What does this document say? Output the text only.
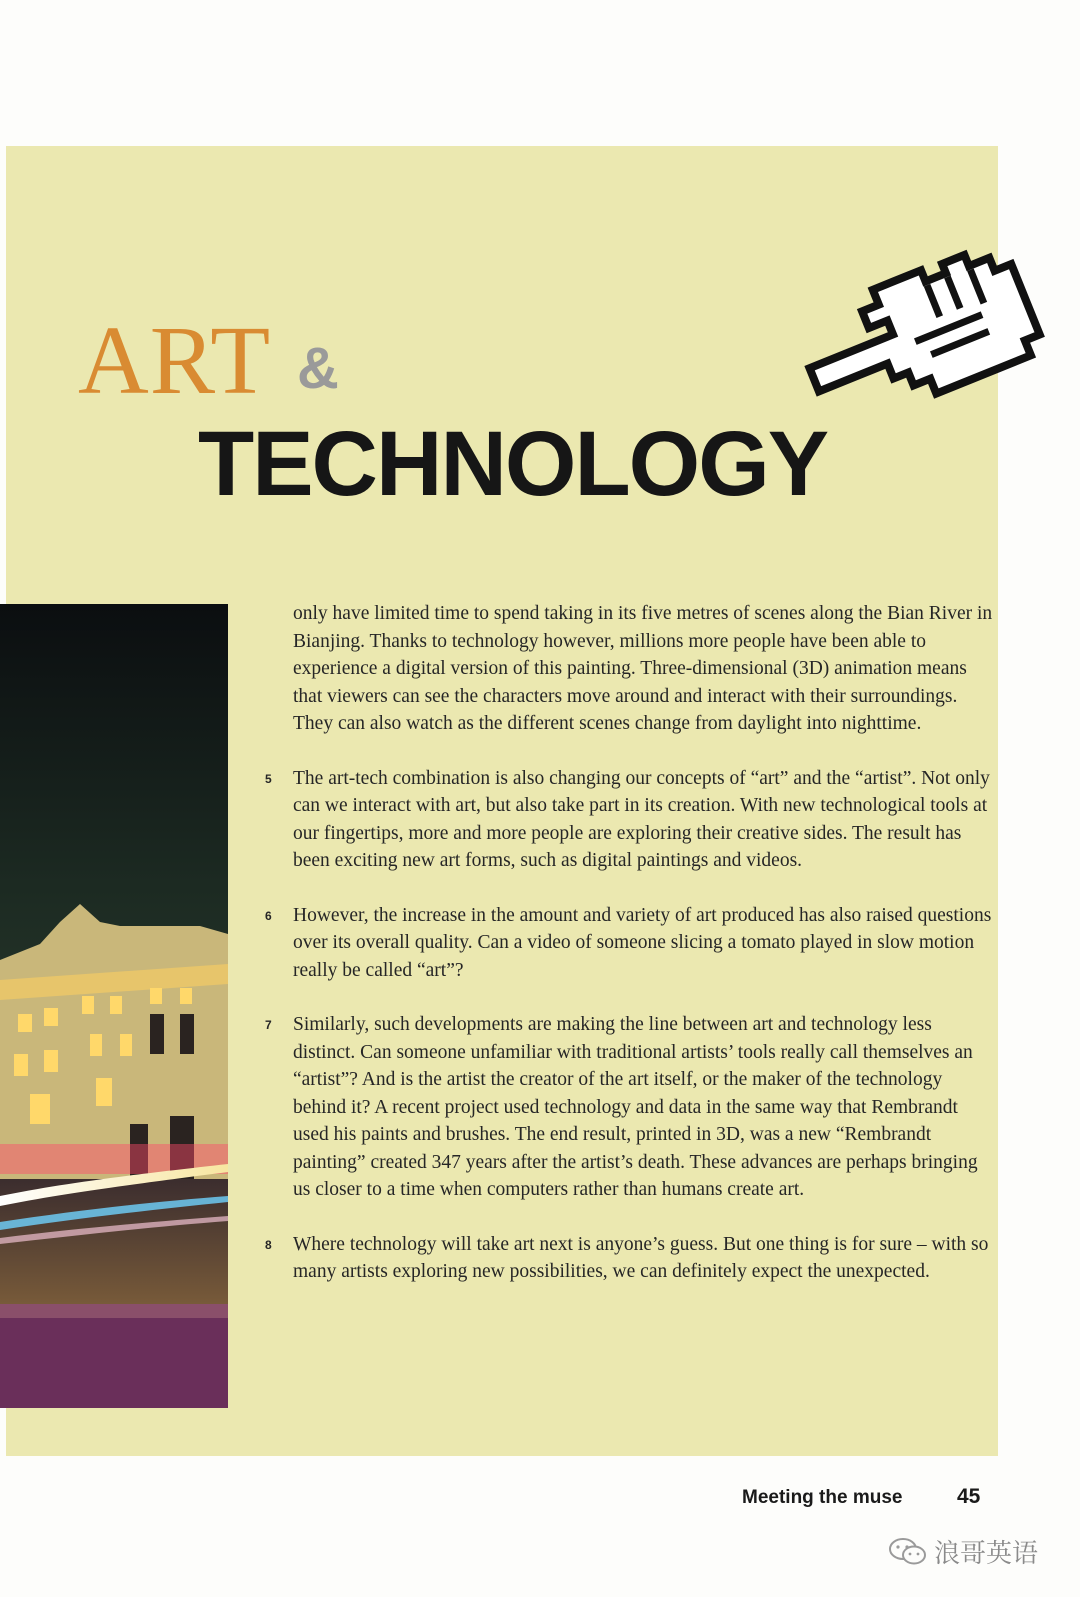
ART &
TECHNOLOGY

only have limited time to spend taking in its five metres of scenes along the Bian River in Bianjing. Thanks to technology however, millions more people have been able to experience a digital version of this painting. Three-dimensional (3D) animation means that viewers can see the characters move around and interact with their surroundings. They can also watch as the different scenes change from daylight into nighttime.

5 The art-tech combination is also changing our concepts of “art” and the “artist”. Not only can we interact with art, but also take part in its creation. With new technological tools at our fingertips, more and more people are exploring their creative sides. The result has been exciting new art forms, such as digital paintings and videos.

6 However, the increase in the amount and variety of art produced has also raised questions over its overall quality. Can a video of someone slicing a tomato played in slow motion really be called “art”?

7 Similarly, such developments are making the line between art and technology less distinct. Can someone unfamiliar with traditional artists’ tools really call themselves an “artist”? And is the artist the creator of the art itself, or the maker of the technology behind it? A recent project used technology and data in the same way that Rembrandt used his paints and brushes. The end result, printed in 3D, was a new “Rembrandt painting” created 347 years after the artist’s death. These advances are perhaps bringing us closer to a time when computers rather than humans create art.

8 Where technology will take art next is anyone’s guess. But one thing is for sure – with so many artists exploring new possibilities, we can definitely expect the unexpected.

Meeting the muse	45
浪哥英语
